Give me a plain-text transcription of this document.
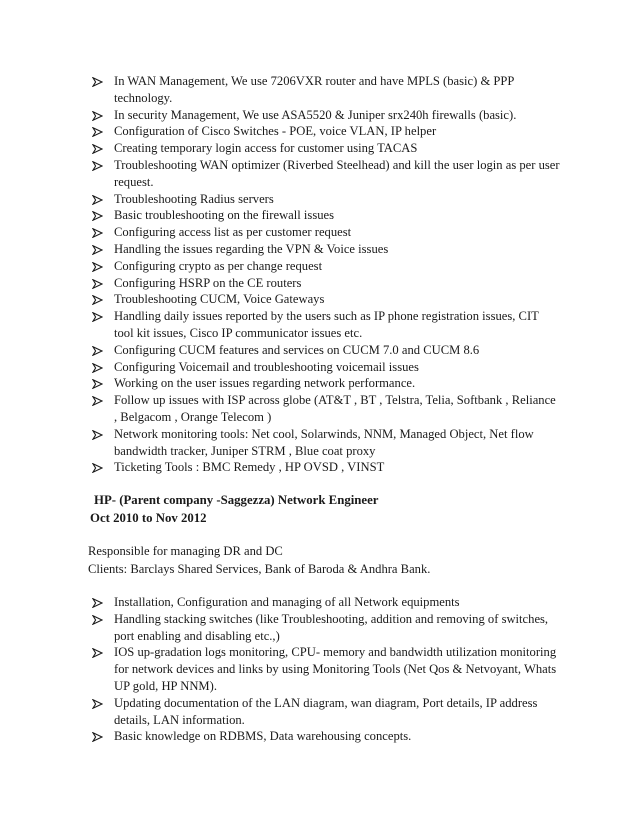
In WAN Management, We use 7206VXR router and have MPLS (basic) & PPP technology.
In security Management, We use ASA5520 & Juniper srx240h firewalls (basic).
Configuration of Cisco Switches - POE, voice VLAN, IP helper
Creating temporary login access for customer using TACAS
Troubleshooting WAN optimizer (Riverbed Steelhead) and kill the user login as per user request.
Troubleshooting Radius servers
Basic troubleshooting on the firewall issues
Configuring access list as per customer request
Handling the issues regarding the VPN & Voice issues
Configuring crypto as per change request
Configuring HSRP on the CE routers
Troubleshooting CUCM, Voice Gateways
Handling daily issues reported by the users such as IP phone registration issues, CIT tool kit issues, Cisco IP communicator issues etc.
Configuring CUCM features and services on CUCM 7.0 and CUCM 8.6
Configuring Voicemail and troubleshooting voicemail issues
Working on the user issues regarding network performance.
Follow up issues with ISP across globe (AT&T , BT , Telstra, Telia, Softbank , Reliance , Belgacom , Orange Telecom )
Network monitoring tools: Net cool, Solarwinds, NNM, Managed Object, Net flow bandwidth tracker, Juniper STRM , Blue coat proxy
Ticketing Tools : BMC Remedy , HP OVSD , VINST

HP- (Parent company -Saggezza) Network Engineer

Oct 2010 to Nov 2012

Responsible for managing DR and DC

Clients: Barclays Shared Services, Bank of Baroda & Andhra Bank.

Installation, Configuration and managing of all Network equipments
Handling stacking switches (like Troubleshooting, addition and removing of switches, port enabling and disabling etc.,)
IOS up-gradation logs monitoring, CPU- memory and bandwidth utilization monitoring for network devices and links by using Monitoring Tools (Net Qos & Netvoyant, Whats UP gold, HP NNM).
Updating documentation of the LAN diagram, wan diagram, Port details, IP address details, LAN information.
Basic knowledge on RDBMS, Data warehousing concepts.
